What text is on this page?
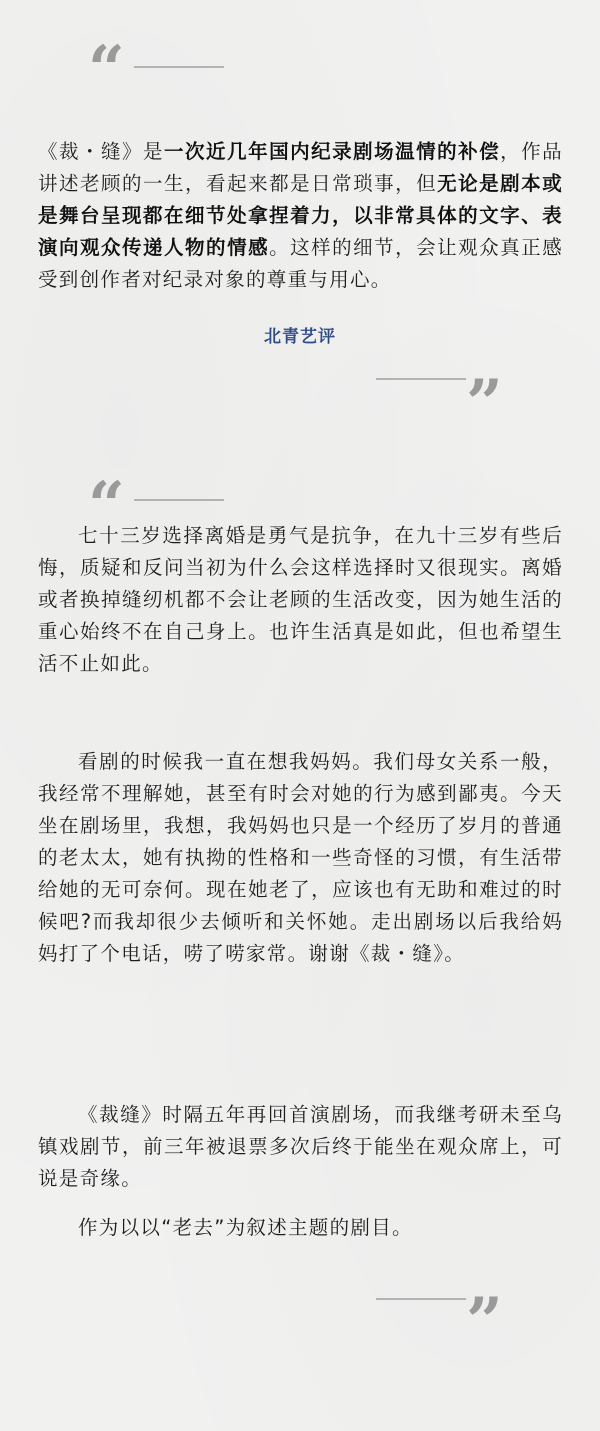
“

《裁・缝》是一次近几年国内纪录剧场温情的补偿，作品讲述老顾的一生，看起来都是日常琐事，但无论是剧本或是舞台呈现都在细节处拿捏着力，以非常具体的文字、表演向观众传递人物的情感。这样的细节，会让观众真正感受到创作者对纪录对象的尊重与用心。

北青艺评
”
“

七十三岁选择离婚是勇气是抗争，在九十三岁有些后悔，质疑和反问当初为什么会这样选择时又很现实。离婚或者换掉缝纫机都不会让老顾的生活改变，因为她生活的重心始终不在自己身上。也许生活真是如此，但也希望生活不止如此。

看剧的时候我一直在想我妈妈。我们母女关系一般，我经常不理解她，甚至有时会对她的行为感到鄙夷。今天坐在剧场里，我想，我妈妈也只是一个经历了岁月的普通的老太太，她有执拗的性格和一些奇怪的习惯，有生活带给她的无可奈何。现在她老了，应该也有无助和难过的时候吧?而我却很少去倾听和关怀她。走出剧场以后我给妈妈打了个电话，唠了唠家常。谢谢《裁・缝》。

《裁缝》时隔五年再回首演剧场，而我继考研未至乌镇戏剧节，前三年被退票多次后终于能坐在观众席上，可说是奇缘。

作为以以“老去”为叙述主题的剧目。

”
